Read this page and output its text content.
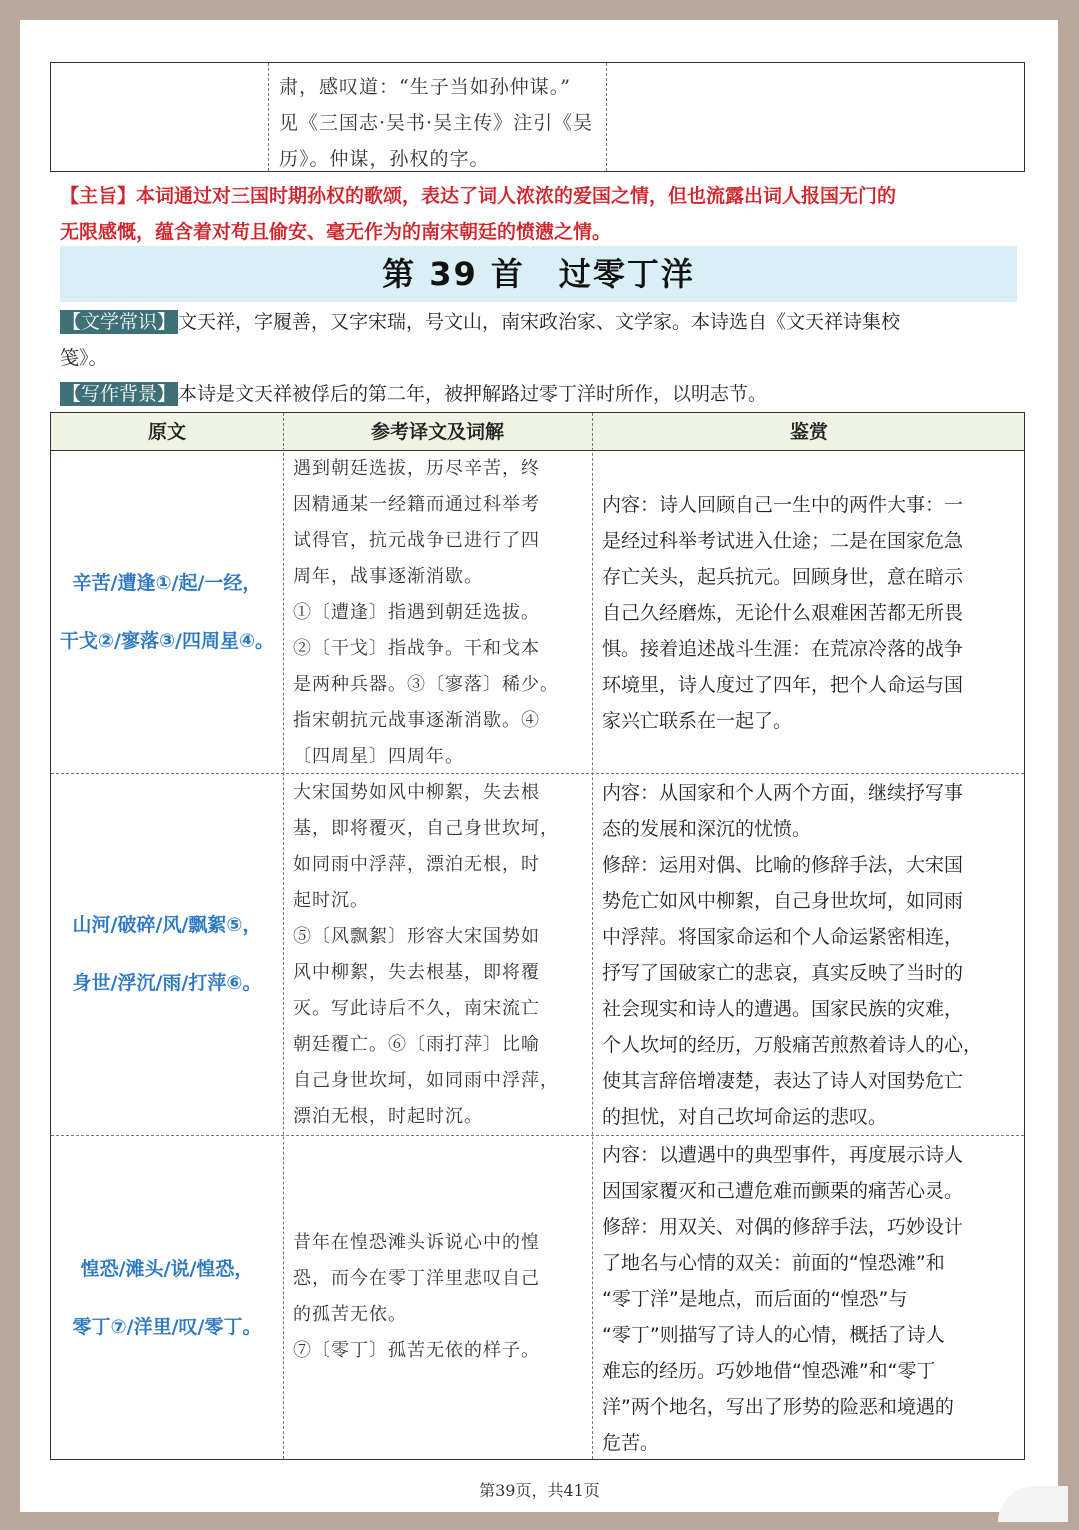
肃，感叹道：“生子当如孙仲谋。”

见《三国志·吴书·吴主传》注引《吴

历》。仲谋，孙权的字。

【主旨】本词通过对三国时期孙权的歌颂，表达了词人浓浓的爱国之情，但也流露出词人报国无门的
无限感慨，蕴含着对苟且偷安、毫无作为的南宋朝廷的愤懑之情。
第 39 首　过零丁洋
【文学常识】 文天祥，字履善，又字宋瑞，号文山，南宋政治家、文学家。本诗选自《文天祥诗集校
笺》。
【写作背景】 本诗是文天祥被俘后的第二年，被押解路过零丁洋时所作，以明志节。
原文	参考译文及词解	鉴赏
辛苦/遭逢①/起/一经，
干戈②/寥落③/四周星④。
遇到朝廷选拔，历尽辛苦，终
因精通某一经籍而通过科举考
试得官，抗元战争已进行了四
周年，战事逐渐消歇。
①〔遭逢〕指遇到朝廷选拔。
②〔干戈〕指战争。干和戈本
是两种兵器。③〔寥落〕稀少。
指宋朝抗元战事逐渐消歇。④
〔四周星〕四周年。
内容：诗人回顾自己一生中的两件大事：一
是经过科举考试进入仕途；二是在国家危急
存亡关头，起兵抗元。回顾身世，意在暗示
自己久经磨炼，无论什么艰难困苦都无所畏
惧。接着追述战斗生涯：在荒凉冷落的战争
环境里，诗人度过了四年，把个人命运与国
家兴亡联系在一起了。
山河/破碎/风/飘絮⑤，
身世/浮沉/雨/打萍⑥。
大宋国势如风中柳絮，失去根
基，即将覆灭，自己身世坎坷，
如同雨中浮萍，漂泊无根，时
起时沉。
⑤〔风飘絮〕形容大宋国势如
风中柳絮，失去根基，即将覆
灭。写此诗后不久，南宋流亡
朝廷覆亡。⑥〔雨打萍〕比喻
自己身世坎坷，如同雨中浮萍，
漂泊无根，时起时沉。
内容：从国家和个人两个方面，继续抒写事
态的发展和深沉的忧愤。
修辞：运用对偶、比喻的修辞手法，大宋国
势危亡如风中柳絮，自己身世坎坷，如同雨
中浮萍。将国家命运和个人命运紧密相连，
抒写了国破家亡的悲哀，真实反映了当时的
社会现实和诗人的遭遇。国家民族的灾难，
个人坎坷的经历，万般痛苦煎熬着诗人的心，
使其言辞倍增凄楚，表达了诗人对国势危亡
的担忧，对自己坎坷命运的悲叹。
惶恐/滩头/说/惶恐，
零丁⑦/洋里/叹/零丁。
昔年在惶恐滩头诉说心中的惶
恐，而今在零丁洋里悲叹自己
的孤苦无依。
⑦〔零丁〕孤苦无依的样子。
内容：以遭遇中的典型事件，再度展示诗人
因国家覆灭和己遭危难而颤栗的痛苦心灵。
修辞：用双关、对偶的修辞手法，巧妙设计
了地名与心情的双关：前面的“惶恐滩”和
“零丁洋”是地点，而后面的“惶恐”与
“零丁”则描写了诗人的心情，概括了诗人
难忘的经历。巧妙地借“惶恐滩”和“零丁
洋”两个地名，写出了形势的险恶和境遇的
危苦。
第39页，共41页
